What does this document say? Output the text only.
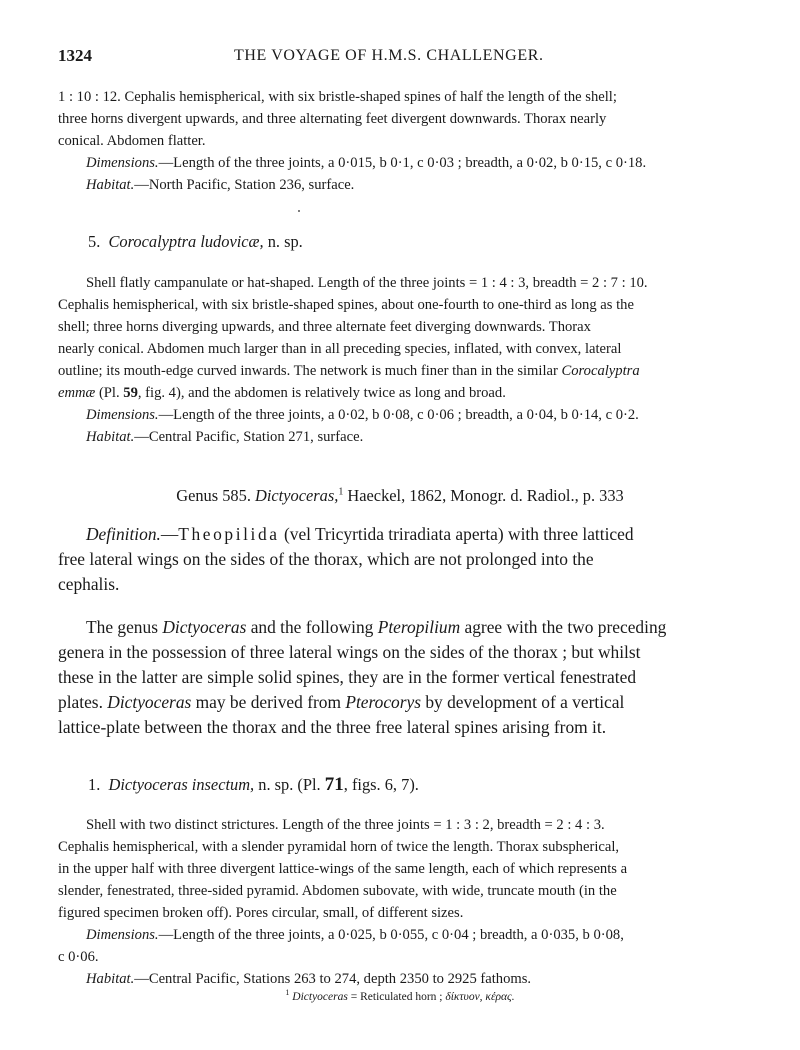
1324	THE VOYAGE OF H.M.S. CHALLENGER.

1 : 10 : 12. Cephalis hemispherical, with six bristle-shaped spines of half the length of the shell;

three horns divergent upwards, and three alternating feet divergent downwards. Thorax nearly

conical. Abdomen flatter.

Dimensions.—Length of the three joints, a 0·015, b 0·1, c 0·03 ; breadth, a 0·02, b 0·15, c 0·18.

Habitat.—North Pacific, Station 236, surface.

5. Corocalyptra ludovicæ, n. sp.

Shell flatly campanulate or hat-shaped. Length of the three joints = 1 : 4 : 3, breadth = 2 : 7 : 10.

Cephalis hemispherical, with six bristle-shaped spines, about one-fourth to one-third as long as the

shell; three horns diverging upwards, and three alternate feet diverging downwards. Thorax

nearly conical. Abdomen much larger than in all preceding species, inflated, with convex, lateral

outline; its mouth-edge curved inwards. The network is much finer than in the similar Corocalyptra

emmæ (Pl. 59, fig. 4), and the abdomen is relatively twice as long and broad.

Dimensions.—Length of the three joints, a 0·02, b 0·08, c 0·06 ; breadth, a 0·04, b 0·14, c 0·2.

Habitat.—Central Pacific, Station 271, surface.

Genus 585. Dictyoceras,$^1$ Haeckel, 1862, Monogr. d. Radiol., p. 333

Definition.—Theopilida (vel Tricyrtida triradiata aperta) with three latticed

free lateral wings on the sides of the thorax, which are not prolonged into the

cephalis.

The genus Dictyoceras and the following Pteropilium agree with the two preceding

genera in the possession of three lateral wings on the sides of the thorax ; but whilst

these in the latter are simple solid spines, they are in the former vertical fenestrated

plates. Dictyoceras may be derived from Pterocorys by development of a vertical

lattice-plate between the thorax and the three free lateral spines arising from it.

1. Dictyoceras insectum, n. sp. (Pl. 71, figs. 6, 7).

Shell with two distinct strictures. Length of the three joints = 1 : 3 : 2, breadth = 2 : 4 : 3.

Cephalis hemispherical, with a slender pyramidal horn of twice the length. Thorax subspherical,

in the upper half with three divergent lattice-wings of the same length, each of which represents a

slender, fenestrated, three-sided pyramid. Abdomen subovate, with wide, truncate mouth (in the

figured specimen broken off). Pores circular, small, of different sizes.

Dimensions.—Length of the three joints, a 0·025, b 0·055, c 0·04 ; breadth, a 0·035, b 0·08,

c 0·06.

Habitat.—Central Pacific, Stations 263 to 274, depth 2350 to 2925 fathoms.

$^1$ Dictyoceras = Reticulated horn ; δίκτυον, κέρας.
